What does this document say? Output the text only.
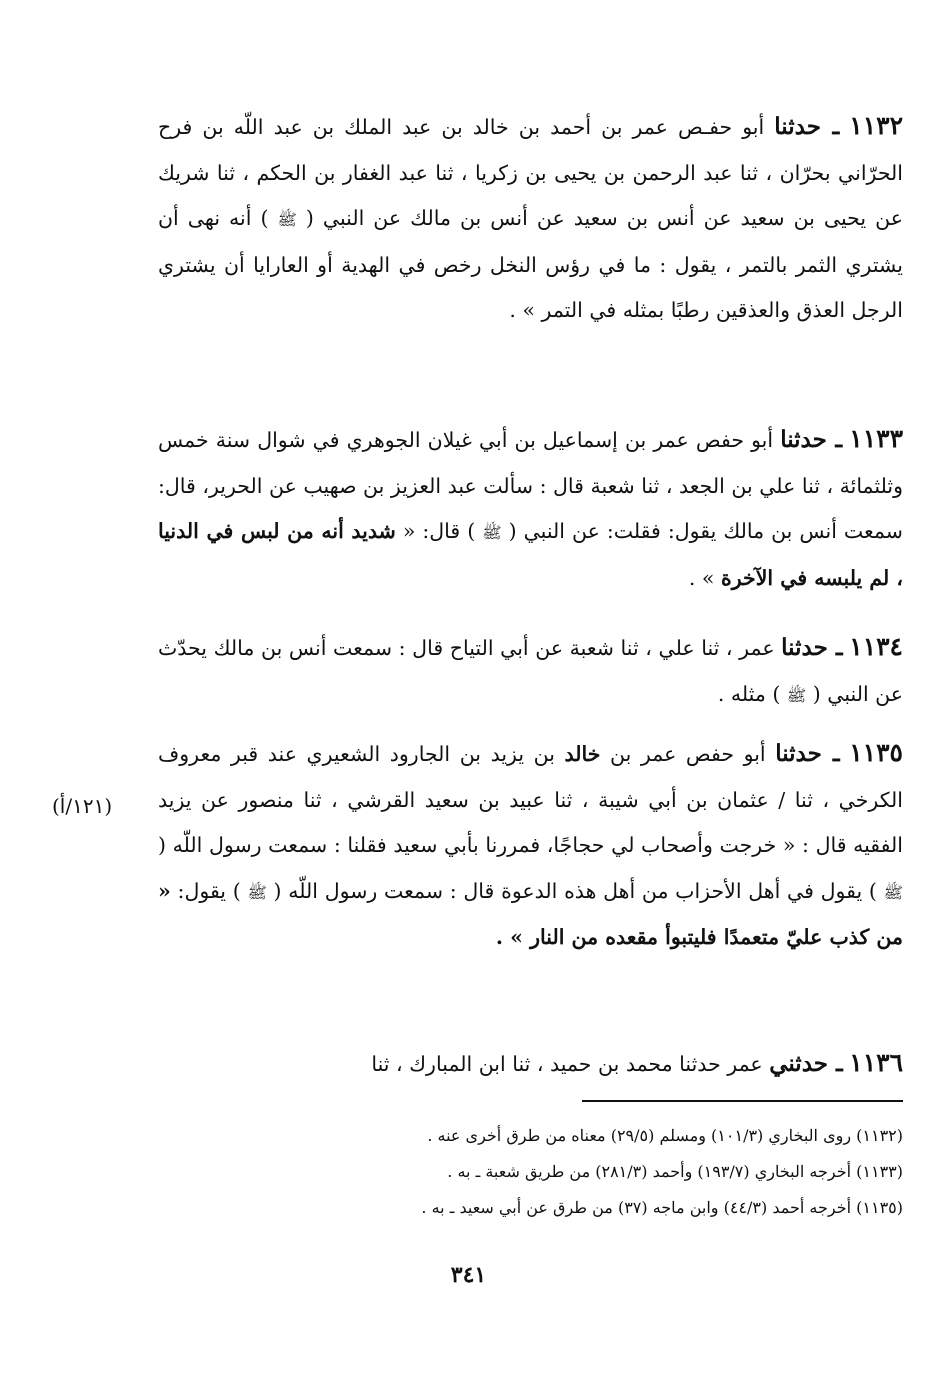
١١٣٢ ـ حدثنا أبو حفـص عمر بن أحمد بن خالد بن عبد الملك بن عبد اللّه بن فرح الحرّاني بحرّان ، ثنا عبد الرحمن بن يحيى بن زكريا ، ثنا عبد الغفار بن الحكم ، ثنا شريك عن يحيى بن سعيد عن أنس بن سعيد عن أنس بن مالك عن النبي ( ﷺ ) أنه نهى أن يشتري الثمر بالتمر ، يقول : ما في رؤس النخل رخص في الهدية أو العارايا أن يشتري الرجل العذق والعذقين رطبًا بمثله في التمر » .
١١٣٣ ـ حدثنا أبو حفص عمر بن إسماعيل بن أبي غيلان الجوهري في شوال سنة خمس وثلثمائة ، ثنا علي بن الجعد ، ثنا شعبة قال : سألت عبد العزيز بن صهيب عن الحرير، قال: سمعت أنس بن مالك يقول: فقلت: عن النبي ( ﷺ ) قال: « شديد أنه من لبس في الدنيا ، لم يلبسه في الآخرة » .
١١٣٤ ـ حدثنا عمر ، ثنا علي ، ثنا شعبة عن أبي التياح قال : سمعت أنس بن مالك يحدّث عن النبي ( ﷺ ) مثله .
١١٣٥ ـ حدثنا أبو حفص عمر بن خالد بن يزيد بن الجارود الشعيري عند قبر معروف الكرخي ، ثنا / عثمان بن أبي شيبة ، ثنا عبيد بن سعيد القرشي ، ثنا منصور عن يزيد الفقيه قال : « خرجت وأصحاب لي حجاجًا، فمررنا بأبي سعيد فقلنا : سمعت رسول اللّه ( ﷺ ) يقول في أهل الأحزاب من أهل هذه الدعوة قال : سمعت رسول اللّه ( ﷺ ) يقول: « من كذب عليّ متعمدًا فليتبوأ مقعده من النار » .
١١٣٦ ـ حدثني عمر حدثنا محمد بن حميد ، ثنا ابن المبارك ، ثنا
(١٢١/أ)
(١١٣٢) روى البخاري (١٠١/٣) ومسلم (٢٩/٥) معناه من طرق أخرى عنه .
(١١٣٣) أخرجه البخاري (١٩٣/٧) وأحمد (٢٨١/٣) من طريق شعبة ـ به .
(١١٣٥) أخرجه أحمد (٤٤/٣) وابن ماجه (٣٧) من طرق عن أبي سعيد ـ به .
٣٤١
